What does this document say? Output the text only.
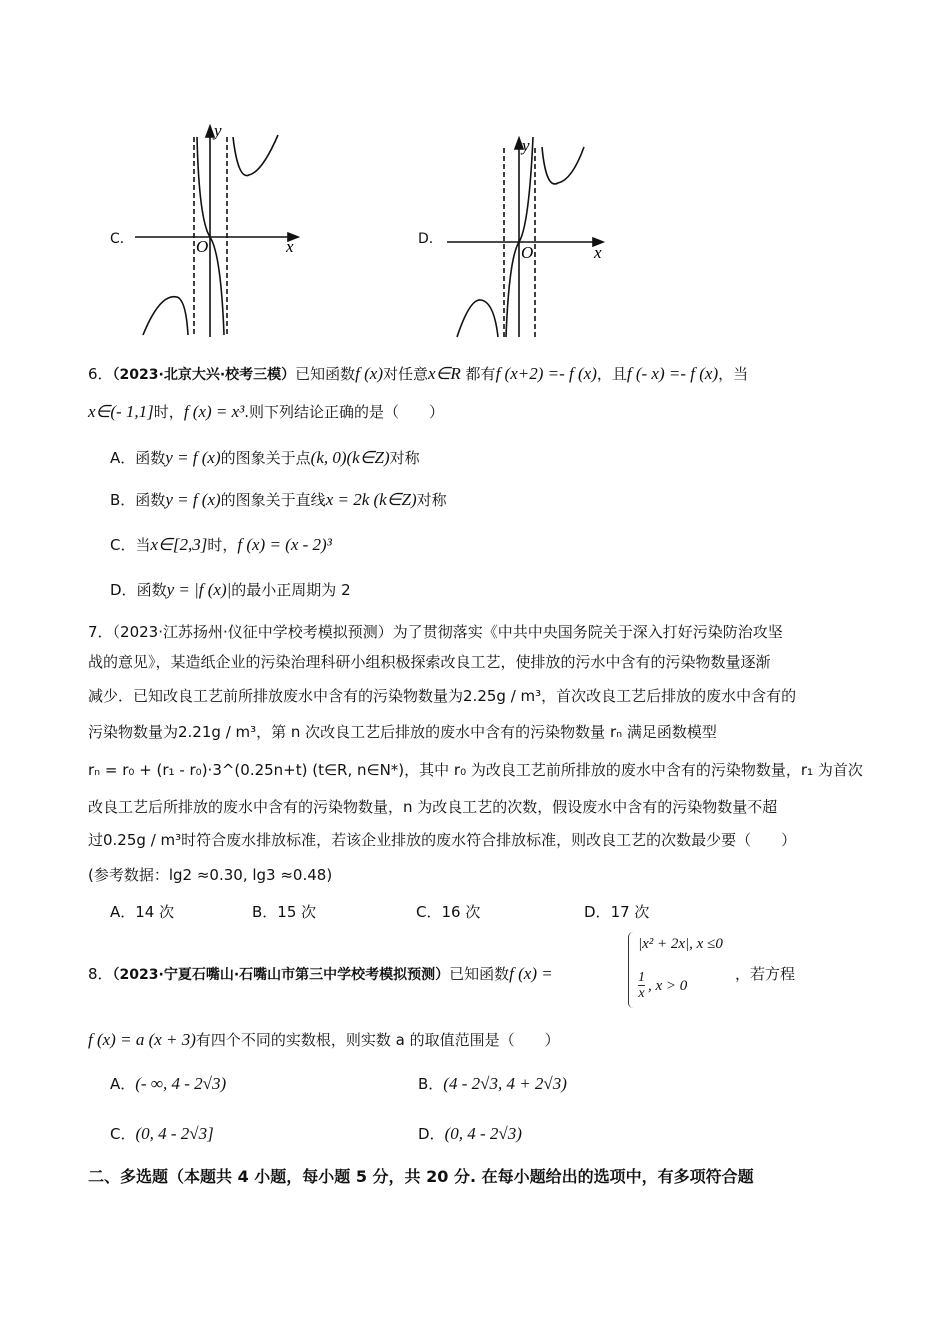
C．
y
x
O	D．
y
x
O
6．（2023·北京大兴·校考三模）已知函数f (x)对任意x∈R 都有f (x+2) =- f (x)，且f (- x) =- f (x)，当
x∈(- 1,1]时，f (x) = x³.则下列结论正确的是（　　）
A．函数y = f (x)的图象关于点(k, 0)(k∈Z)对称
B．函数y = f (x)的图象关于直线x = 2k (k∈Z)对称
C．当x∈[2,3]时，f (x) = (x - 2)³
D．函数y = |f (x)|的最小正周期为 2
7．（2023·江苏扬州·仪征中学校考模拟预测）为了贯彻落实《中共中央国务院关于深入打好污染防治攻坚
战的意见》，某造纸企业的污染治理科研小组积极探索改良工艺，使排放的污水中含有的污染物数量逐渐
减少．已知改良工艺前所排放废水中含有的污染物数量为2.25g / m³，首次改良工艺后排放的废水中含有的
污染物数量为2.21g / m³，第 n 次改良工艺后排放的废水中含有的污染物数量 rₙ 满足函数模型
rₙ = r₀ + (r₁ - r₀)·3^(0.25n+t) (t∈R, n∈N*)，其中 r₀ 为改良工艺前所排放的废水中含有的污染物数量，r₁ 为首次
改良工艺后所排放的废水中含有的污染物数量，n 为改良工艺的次数，假设废水中含有的污染物数量不超
过0.25g / m³时符合废水排放标准，若该企业排放的废水符合排放标准，则改良工艺的次数最少要（　　）
(参考数据：lg2 ≈0.30, lg3 ≈0.48)
A．14 次	B．15 次	C．16 次	D．17 次
8．（2023·宁夏石嘴山·石嘴山市第三中学校考模拟预测）已知函数f (x) =
|x² + 2x|, x ≤0
1
x , x > 0
，若方程
f (x) = a (x + 3)有四个不同的实数根，则实数 a 的取值范围是（　　）
A．(- ∞, 4 - 2√3)	B．(4 - 2√3, 4 + 2√3)
C．(0, 4 - 2√3]	D．(0, 4 - 2√3)
二、多选题（本题共 4 小题，每小题 5 分，共 20 分. 在每小题给出的选项中，有多项符合题
